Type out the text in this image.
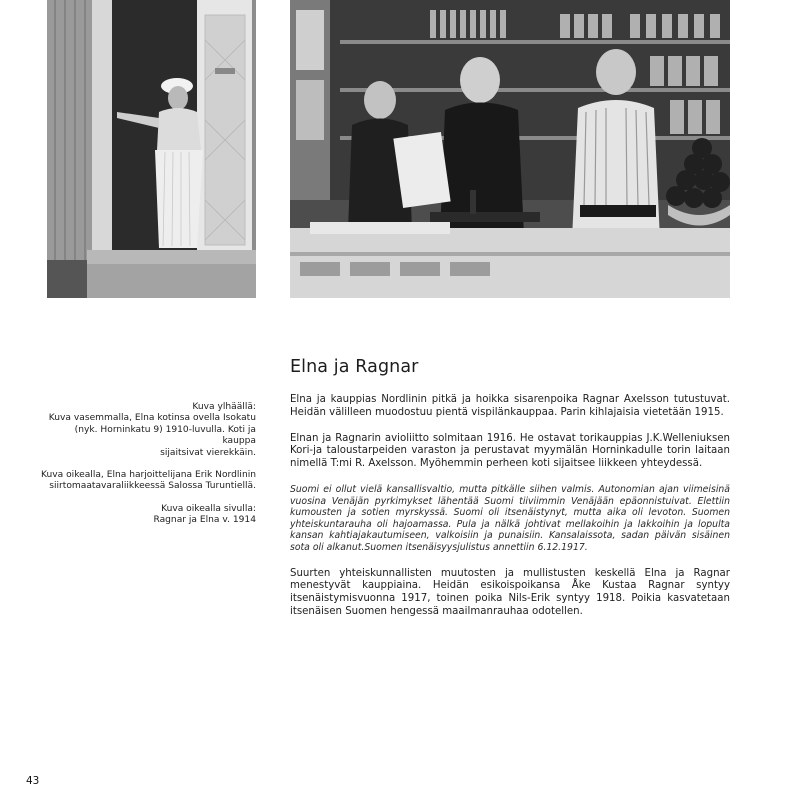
Kuva ylhäällä:
Kuva vasemmalla, Elna kotinsa ovella Isokatu
(nyk. Horninkatu 9) 1910-luvulla. Koti ja kauppa
sijaitsivat vierekkäin.

Kuva oikealla, Elna harjoittelijana Erik Nordlinin
siirtomaatavaraliikkeessä Salossa Turuntiellä.

Kuva oikealla sivulla:
Ragnar ja Elna v. 1914

Elna ja Ragnar

Elna ja kauppias Nordlinin pitkä ja hoikka sisarenpoika Ragnar Axelsson tutustuvat. Heidän välilleen muodostuu pientä vispilänkauppaa. Parin kihlajaisia vietetään 1915.

Elnan ja Ragnarin avioliitto solmitaan 1916. He ostavat torikauppias J.K.Welleniuksen Kori-ja taloustarpeiden varaston ja perustavat myymälän Horninkadulle torin laitaan nimellä T:mi R. Axelsson. Myöhemmin perheen koti sijaitsee liikkeen yhteydessä.

Suomi ei ollut vielä kansallisvaltio, mutta pitkälle siihen valmis. Autonomian ajan viimeisinä vuosina Venäjän pyrkimykset lähentää Suomi tiiviimmin Venäjään epäonnistuivat. Elettiin kumousten ja sotien myrskyssä. Suomi oli itsenäistynyt, mutta aika oli levoton. Suomen yhteiskuntarauha oli hajoamassa. Pula ja nälkä johtivat mellakoihin ja lakkoihin ja lopulta kansan kahtiajakautumiseen, valkoisiin ja punaisiin. Kansalaissota, sadan päivän sisäinen sota oli alkanut.Suomen itsenäisyysjulistus annettiin 6.12.1917.

Suurten yhteiskunnallisten muutosten ja mullistusten keskellä Elna ja Ragnar menestyvät kauppiaina. Heidän esikoispoikansa Åke Kustaa Ragnar syntyy itsenäistymisvuonna 1917, toinen poika Nils-Erik syntyy 1918. Poikia kasvatetaan itsenäisen Suomen hengessä maailmanrauhaa odotellen.

43
